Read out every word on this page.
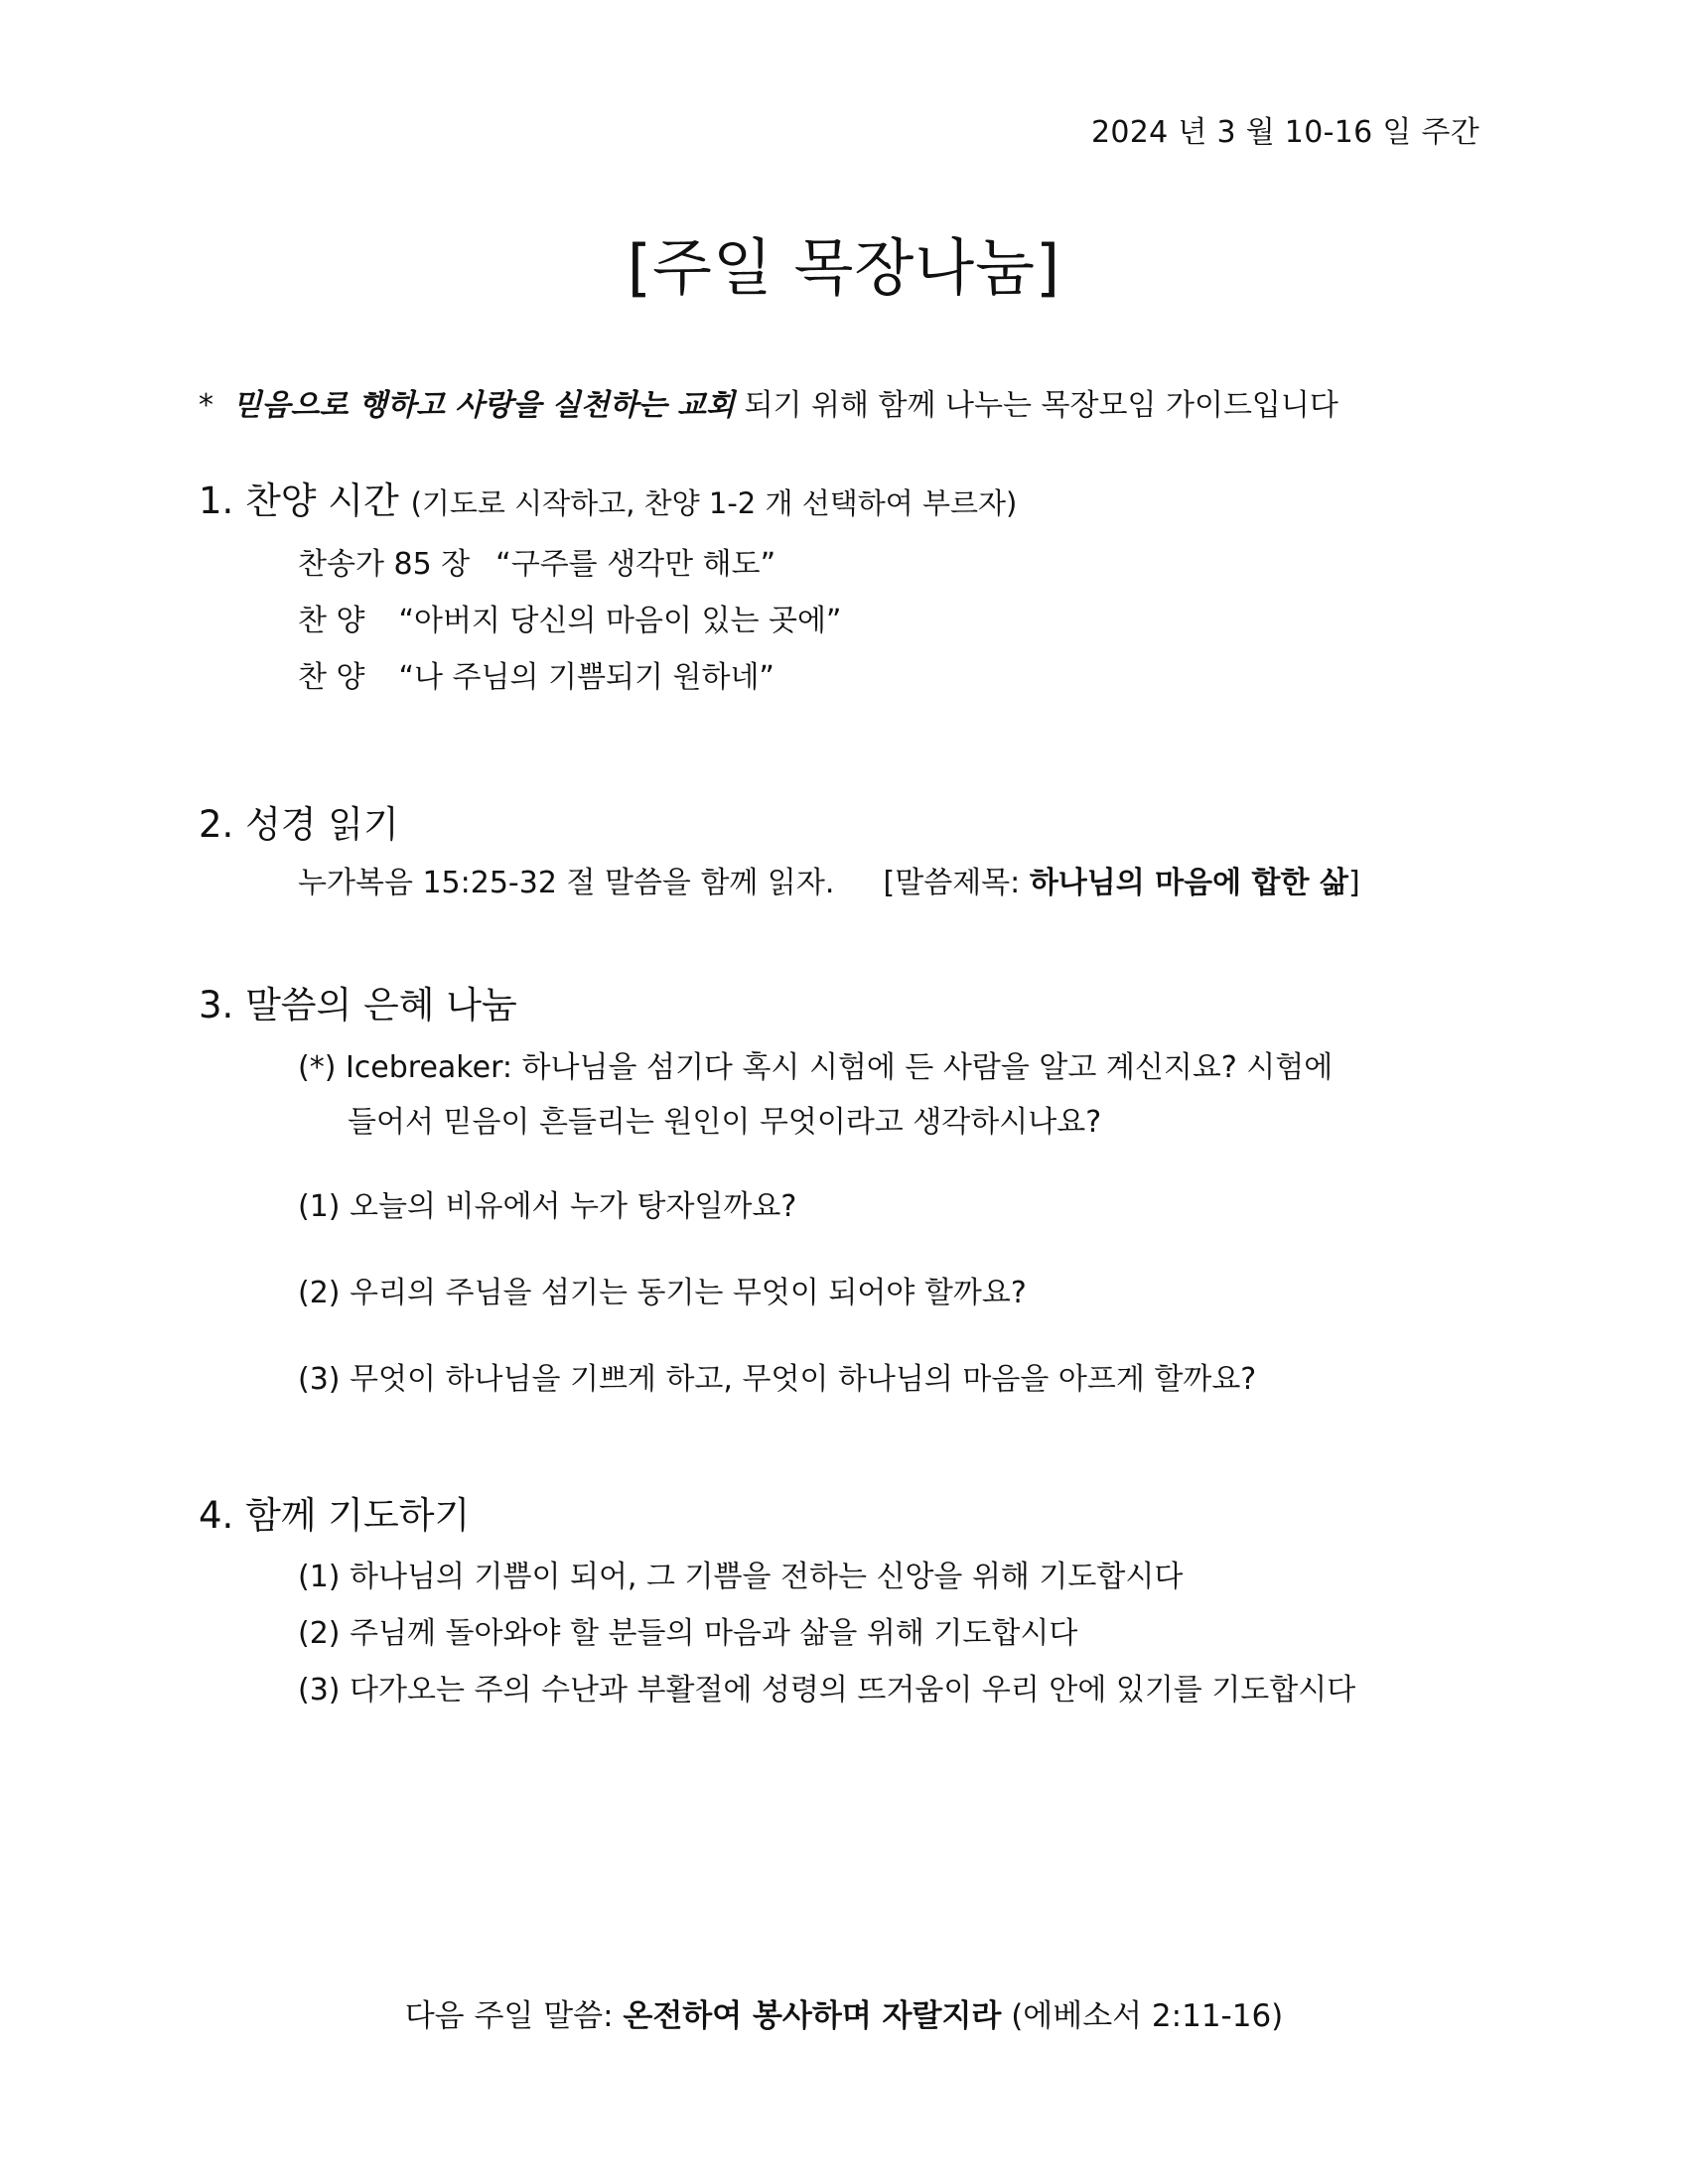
2024 년 3 월 10-16 일 주간
[주일 목장나눔]
* 믿음으로 행하고 사랑을 실천하는 교회 되기 위해 함께 나누는 목장모임 가이드입니다
1. 찬양 시간 (기도로 시작하고, 찬양 1-2 개 선택하여 부르자)
찬송가 85 장 “구주를 생각만 해도”
찬 양 “아버지 당신의 마음이 있는 곳에”
찬 양 “나 주님의 기쁨되기 원하네”
2. 성경 읽기
누가복음 15:25-32 절 말씀을 함께 읽자. [말씀제목: 하나님의 마음에 합한 삶]
3. 말씀의 은혜 나눔
(*) Icebreaker: 하나님을 섬기다 혹시 시험에 든 사람을 알고 계신지요? 시험에
들어서 믿음이 흔들리는 원인이 무엇이라고 생각하시나요?
(1) 오늘의 비유에서 누가 탕자일까요?
(2) 우리의 주님을 섬기는 동기는 무엇이 되어야 할까요?
(3) 무엇이 하나님을 기쁘게 하고, 무엇이 하나님의 마음을 아프게 할까요?
4. 함께 기도하기
(1) 하나님의 기쁨이 되어, 그 기쁨을 전하는 신앙을 위해 기도합시다
(2) 주님께 돌아와야 할 분들의 마음과 삶을 위해 기도합시다
(3) 다가오는 주의 수난과 부활절에 성령의 뜨거움이 우리 안에 있기를 기도합시다
다음 주일 말씀: 온전하여 봉사하며 자랄지라 (에베소서 2:11-16)
